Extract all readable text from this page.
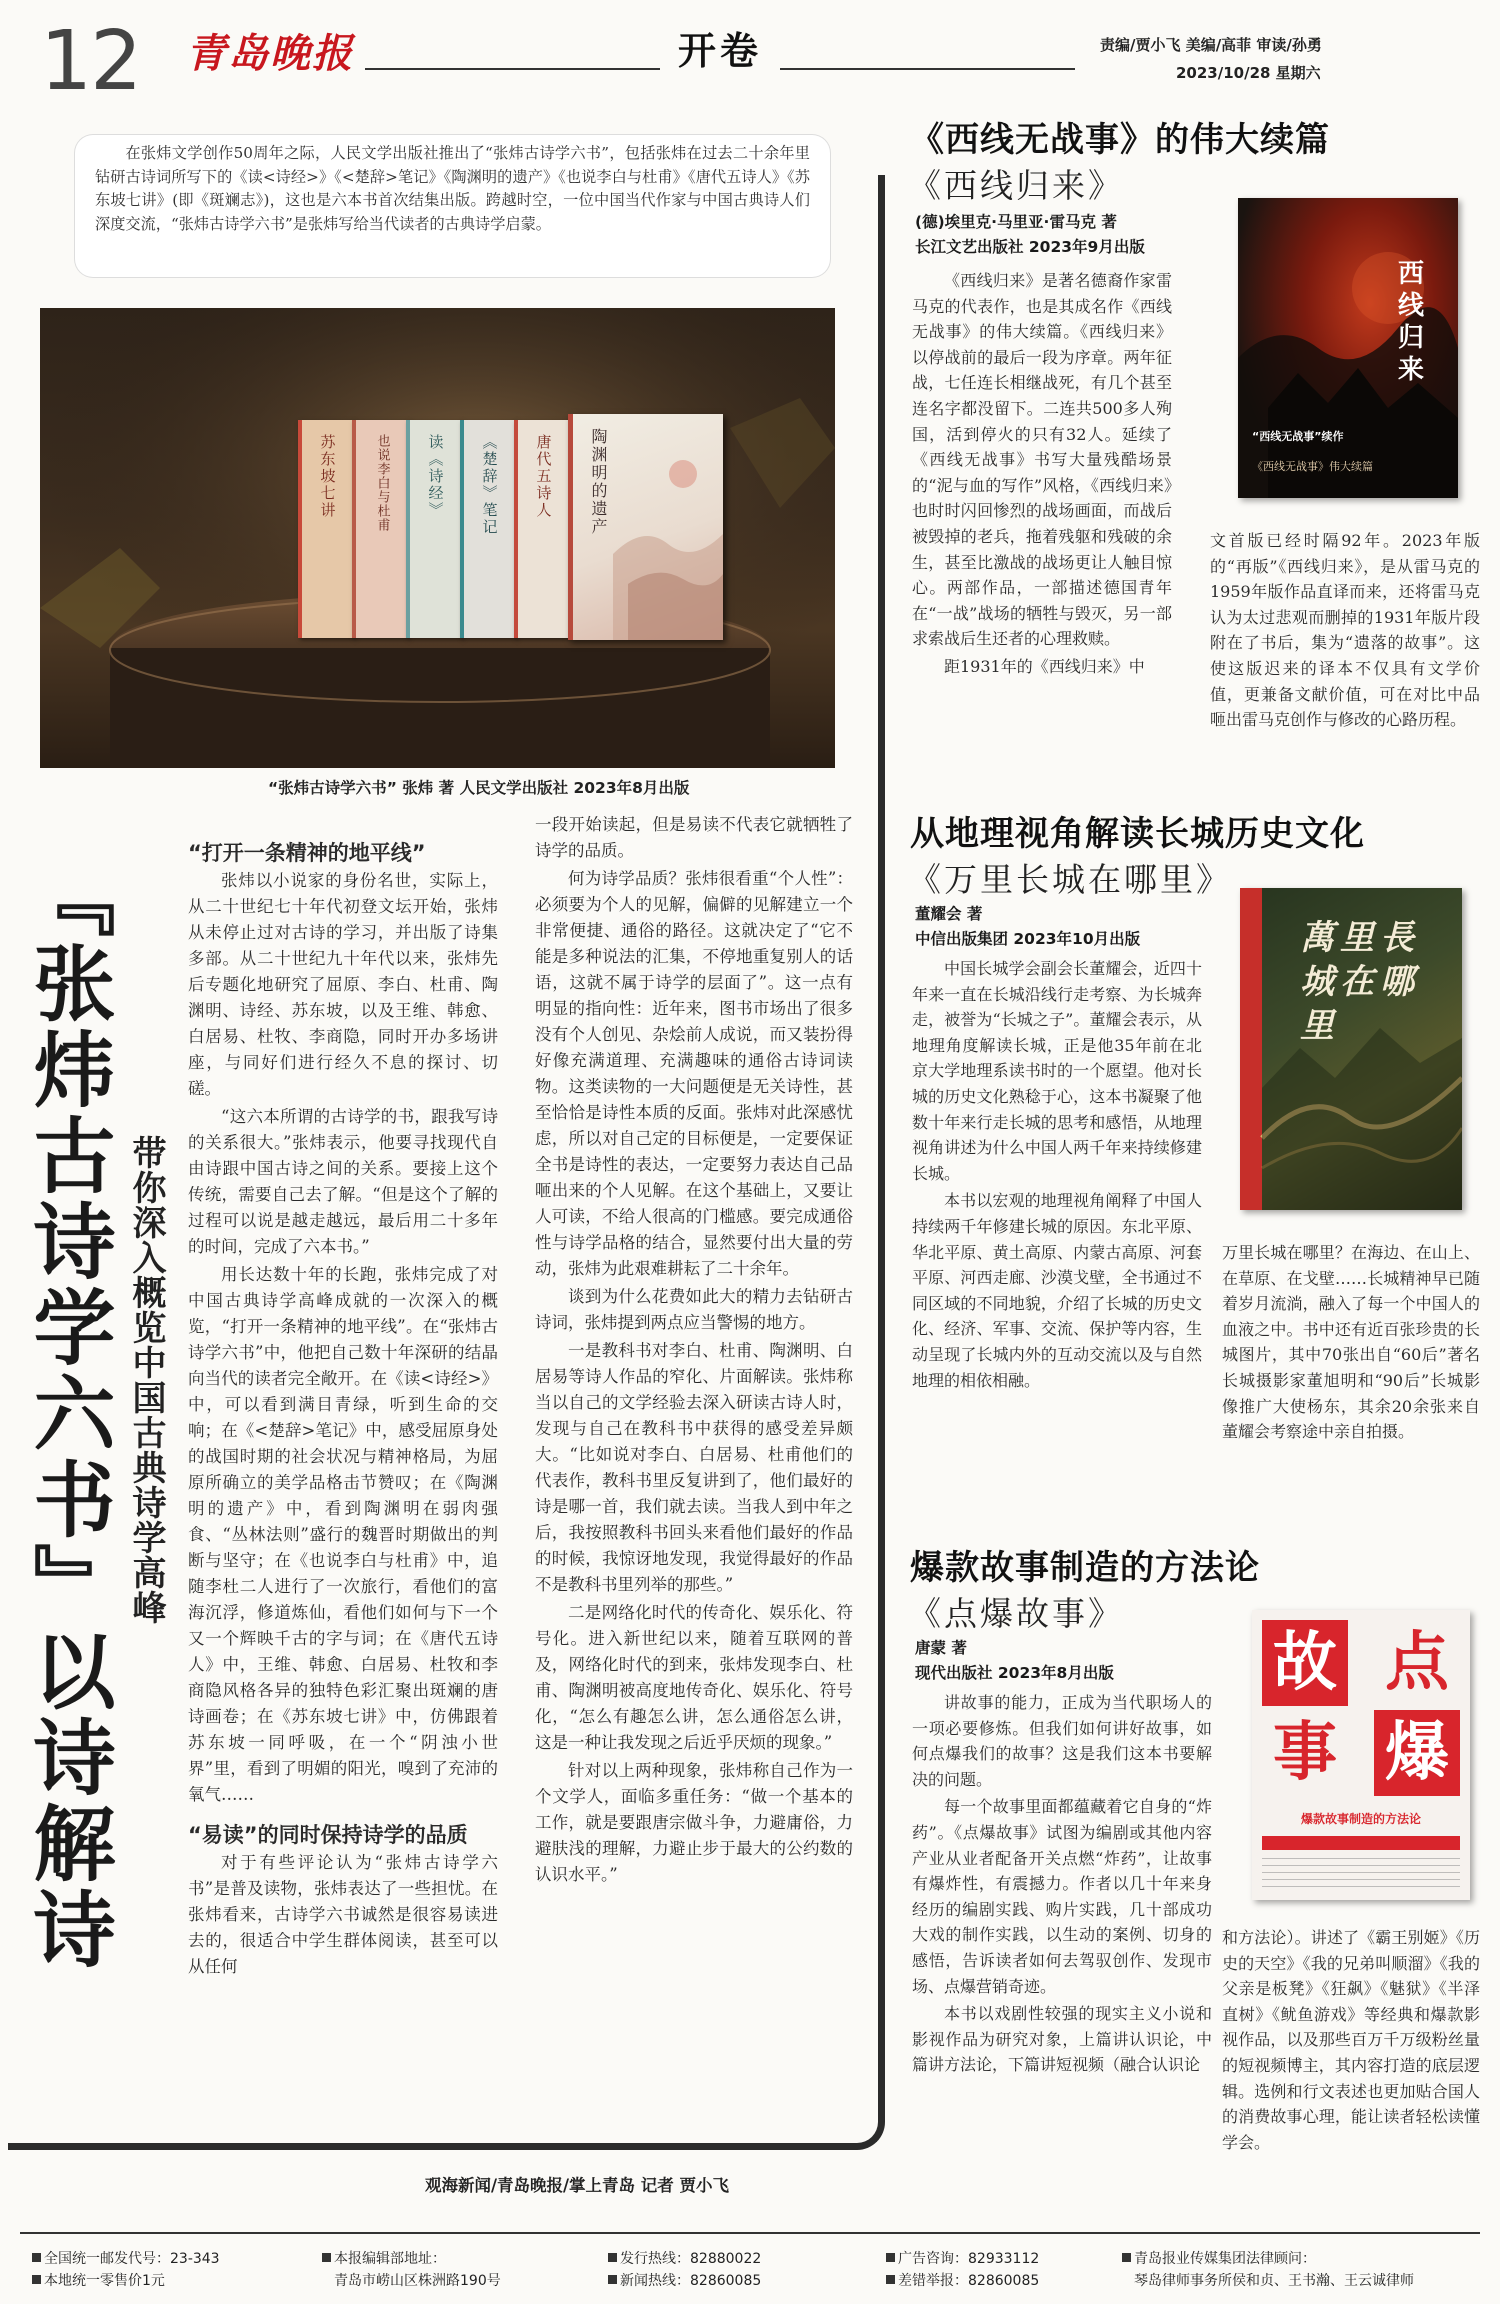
12 青岛晚报	开卷	责编/贾小飞 美编/高菲 审读/孙勇
2023/10/28 星期六
在张炜文学创作50周年之际，人民文学出版社推出了“张炜古诗学六书”，包括张炜在过去二十余年里钻研古诗词所写下的《读<诗经>》《<楚辞>笔记》《陶渊明的遗产》《也说李白与杜甫》《唐代五诗人》《苏东坡七讲》(即《斑斓志》)，这也是六本书首次结集出版。跨越时空，一位中国当代作家与中国古典诗人们深度交流，“张炜古诗学六书”是张炜写给当代读者的古典诗学启蒙。
苏东坡七讲	也说李白与杜甫 读《诗经》 《楚辞》笔记 唐代五诗人 陶渊明的遗产
“张炜古诗学六书” 张炜 著 人民文学出版社 2023年8月出版
『张炜古诗学六书』以诗解诗 带你深入概览中国古典诗学高峰

“打开一条精神的地平线”

张炜以小说家的身份名世，实际上，从二十世纪七十年代初登文坛开始，张炜从未停止过对古诗的学习，并出版了诗集多部。从二十世纪九十年代以来，张炜先后专题化地研究了屈原、李白、杜甫、陶渊明、诗经、苏东坡，以及王维、韩愈、白居易、杜牧、李商隐，同时开办多场讲座，与同好们进行经久不息的探讨、切磋。

“这六本所谓的古诗学的书，跟我写诗的关系很大。”张炜表示，他要寻找现代自由诗跟中国古诗之间的关系。要接上这个传统，需要自己去了解。“但是这个了解的过程可以说是越走越远，最后用二十多年的时间，完成了六本书。”

用长达数十年的长跑，张炜完成了对中国古典诗学高峰成就的一次深入的概览，“打开一条精神的地平线”。在“张炜古诗学六书”中，他把自己数十年深研的结晶向当代的读者完全敞开。在《读<诗经>》中，可以看到满目青绿，听到生命的交响；在《<楚辞>笔记》中，感受屈原身处的战国时期的社会状况与精神格局，为屈原所确立的美学品格击节赞叹；在《陶渊明的遗产》中，看到陶渊明在弱肉强食、“丛林法则”盛行的魏晋时期做出的判断与坚守；在《也说李白与杜甫》中，追随李杜二人进行了一次旅行，看他们的富海沉浮，修道炼仙，看他们如何与下一个又一个辉映千古的字与词；在《唐代五诗人》中，王维、韩愈、白居易、杜牧和李商隐风格各异的独特色彩汇聚出斑斓的唐诗画卷；在《苏东坡七讲》中，仿佛跟着苏东坡一同呼吸，在一个“阴浊小世界”里，看到了明媚的阳光，嗅到了充沛的氧气……

“易读”的同时保持诗学的品质

对于有些评论认为“张炜古诗学六书”是普及读物，张炜表达了一些担忧。在张炜看来，古诗学六书诚然是很容易读进去的，很适合中学生群体阅读，甚至可以从任何

一段开始读起，但是易读不代表它就牺牲了诗学的品质。

何为诗学品质？张炜很看重“个人性”：必须要为个人的见解，偏僻的见解建立一个非常便捷、通俗的路径。这就决定了“它不能是多种说法的汇集，不停地重复别人的话语，这就不属于诗学的层面了”。这一点有明显的指向性：近年来，图书市场出了很多没有个人创见、杂烩前人成说，而又装扮得好像充满道理、充满趣味的通俗古诗词读物。这类读物的一大问题便是无关诗性，甚至恰恰是诗性本质的反面。张炜对此深感忧虑，所以对自己定的目标便是，一定要保证全书是诗性的表达，一定要努力表达自己品咂出来的个人见解。在这个基础上，又要让人可读，不给人很高的门槛感。要完成通俗性与诗学品格的结合，显然要付出大量的劳动，张炜为此艰难耕耘了二十余年。

谈到为什么花费如此大的精力去钻研古诗词，张炜提到两点应当警惕的地方。

一是教科书对李白、杜甫、陶渊明、白居易等诗人作品的窄化、片面解读。张炜称当以自己的文学经验去深入研读古诗人时，发现与自己在教科书中获得的感受差异颇大。“比如说对李白、白居易、杜甫他们的代表作，教科书里反复讲到了，他们最好的诗是哪一首，我们就去读。当我人到中年之后，我按照教科书回头来看他们最好的作品的时候，我惊讶地发现，我觉得最好的作品不是教科书里列举的那些。”

二是网络化时代的传奇化、娱乐化、符号化。进入新世纪以来，随着互联网的普及，网络化时代的到来，张炜发现李白、杜甫、陶渊明被高度地传奇化、娱乐化、符号化，“怎么有趣怎么讲，怎么通俗怎么讲，这是一种让我发现之后近乎厌烦的现象。”

针对以上两种现象，张炜称自己作为一个文学人，面临多重任务：“做一个基本的工作，就是要跟唐宗做斗争，力避庸俗，力避肤浅的理解，力避止步于最大的公约数的认识水平。”

观海新闻/青岛晚报/掌上青岛 记者 贾小飞
《西线无战事》的伟大续篇
《西线归来》
(德)埃里克·马里亚·雷马克 著
长江文艺出版社 2023年9月出版
西线归来
“西线无战事”续作
《西线无战事》伟大续篇

《西线归来》是著名德裔作家雷马克的代表作，也是其成名作《西线无战事》的伟大续篇。《西线归来》以停战前的最后一段为序章。两年征战，七任连长相继战死，有几个甚至连名字都没留下。二连共500多人殉国，活到停火的只有32人。延续了《西线无战事》书写大量残酷场景的“泥与血的写作”风格，《西线归来》也时时闪回惨烈的战场画面，而战后被毁掉的老兵，拖着残躯和残破的余生，甚至比激战的战场更让人触目惊心。两部作品，一部描述德国青年在“一战”战场的牺牲与毁灭，另一部求索战后生还者的心理救赎。

距1931年的《西线归来》中

文首版已经时隔92年。2023年版的“再版”《西线归来》，是从雷马克的1959年版作品直译而来，还将雷马克认为太过悲观而删掉的1931年版片段附在了书后，集为“遗落的故事”。这使这版迟来的译本不仅具有文学价值，更兼备文献价值，可在对比中品咂出雷马克创作与修改的心路历程。

从地理视角解读长城历史文化
《万里长城在哪里》
董耀会 著
中信出版集团 2023年10月出版	萬里長城在哪里

中国长城学会副会长董耀会，近四十年来一直在长城沿线行走考察、为长城奔走，被誉为“长城之子”。董耀会表示，从地理角度解读长城，正是他35年前在北京大学地理系读书时的一个愿望。他对长城的历史文化熟稔于心，这本书凝聚了他数十年来行走长城的思考和感悟，从地理视角讲述为什么中国人两千年来持续修建长城。

本书以宏观的地理视角阐释了中国人持续两千年修建长城的原因。东北平原、华北平原、黄土高原、内蒙古高原、河套平原、河西走廊、沙漠戈壁，全书通过不同区域的不同地貌，介绍了长城的历史文化、经济、军事、交流、保护等内容，生动呈现了长城内外的互动交流以及与自然地理的相依相融。

万里长城在哪里？在海边、在山上、在草原、在戈壁……长城精神早已随着岁月流淌，融入了每一个中国人的血液之中。书中还有近百张珍贵的长城图片，其中70张出自“60后”著名长城摄影家董旭明和“90后”长城影像推广大使杨东，其余20余张来自董耀会考察途中亲自拍摄。

爆款故事制造的方法论
《点爆故事》
唐蒙 著
现代出版社 2023年8月出版 故 点
事 爆
爆款故事制造的方法论

讲故事的能力，正成为当代职场人的一项必要修炼。但我们如何讲好故事，如何点爆我们的故事？这是我们这本书要解决的问题。

每一个故事里面都蕴藏着它自身的“炸药”。《点爆故事》试图为编剧或其他内容产业从业者配备开关点燃“炸药”，让故事有爆炸性，有震撼力。作者以几十年来身经历的编剧实践、购片实践，几十部成功大戏的制作实践，以生动的案例、切身的感悟，告诉读者如何去驾驭创作、发现市场、点爆营销奇迹。

本书以戏剧性较强的现实主义小说和影视作品为研究对象，上篇讲认识论，中篇讲方法论，下篇讲短视频（融合认识论

和方法论）。讲述了《霸王别姬》《历史的天空》《我的兄弟叫顺溜》《我的父亲是板凳》《狂飙》《魅狱》《半泽直树》《鱿鱼游戏》等经典和爆款影视作品，以及那些百万千万级粉丝量的短视频博主，其内容打造的底层逻辑。选例和行文表述也更加贴合国人的消费故事心理，能让读者轻松读懂学会。

全国统一邮发代号：23-343
本地统一零售价1元
本报编辑部地址：
青岛市崂山区株洲路190号
发行热线：82880022
新闻热线：82860085
广告咨询：82933112
差错举报：82860085
青岛报业传媒集团法律顾问：
琴岛律师事务所侯和贞、王书瀚、王云诚律师
